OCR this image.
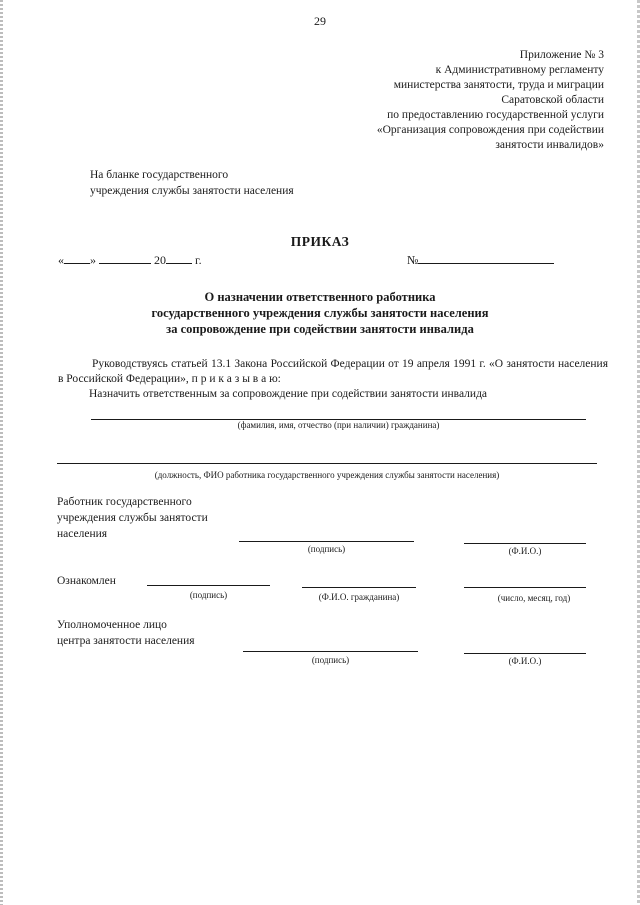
29
Приложение № 3
к Административному регламенту
министерства занятости, труда и миграции
Саратовской области
по предоставлению государственной услуги
«Организация сопровождения при содействии
занятости инвалидов»
На бланке государственного
учреждения службы занятости населения
ПРИКАЗ
« »	20 г.	№
О назначении ответственного работника
государственного учреждения службы занятости населения
за сопровождение при содействии занятости инвалида
Руководствуясь статьей 13.1 Закона Российской Федерации от 19 апреля 1991 г. «О занятости населения в Российской Федерации», п р и к а з ы в а ю:
Назначить ответственным за сопровождение при содействии занятости инвалида
(фамилия, имя, отчество (при наличии) гражданина)
(должность, ФИО работника государственного учреждения службы занятости населения)
Работник государственного
учреждения службы занятости
населения
(подпись)	(Ф.И.О.)
Ознакомлен
(подпись)	(Ф.И.О. гражданина)	(число, месяц, год)
Уполномоченное лицо
центра занятости населения
(подпись)	(Ф.И.О.)
